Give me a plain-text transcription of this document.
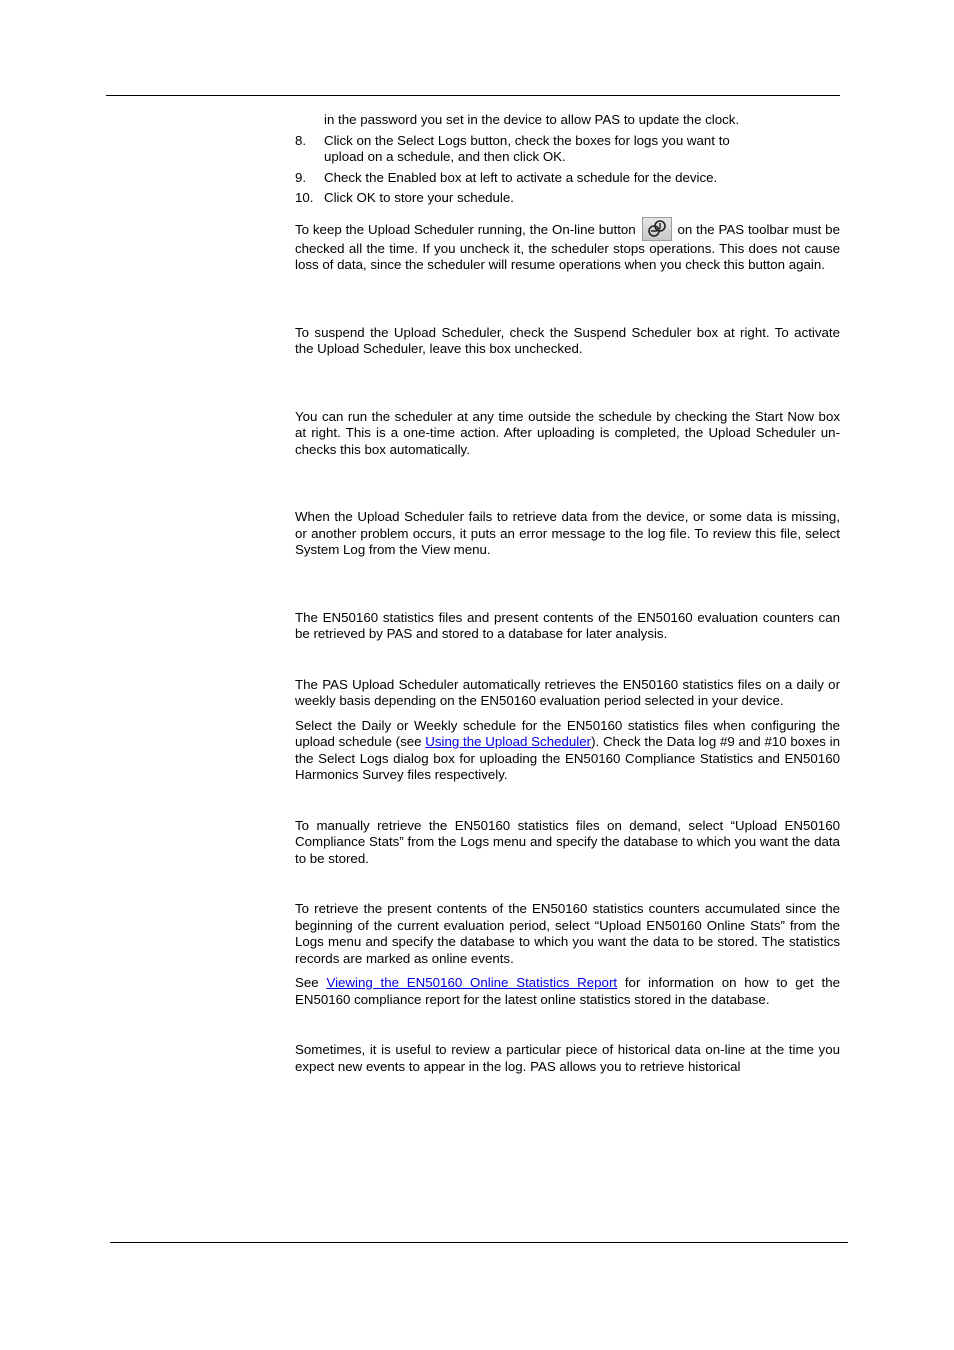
in the password you set in the device to allow PAS to update the clock.

8. Click on the Select Logs button, check the boxes for logs you want to upload on a schedule, and then click OK.
9. Check the Enabled box at left to activate a schedule for the device.
10. Click OK to store your schedule.

To keep the Upload Scheduler running, the On-line button	on the PAS toolbar must be checked all the time. If you uncheck it, the scheduler stops operations. This does not cause loss of data, since the scheduler will resume operations when you check this button again.

To suspend the Upload Scheduler, check the Suspend Scheduler box at right. To activate the Upload Scheduler, leave this box unchecked.

You can run the scheduler at any time outside the schedule by checking the Start Now box at right. This is a one-time action. After uploading is completed, the Upload Scheduler un-checks this box automatically.

When the Upload Scheduler fails to retrieve data from the device, or some data is missing, or another problem occurs, it puts an error message to the log file. To review this file, select System Log from the View menu.

The EN50160 statistics files and present contents of the EN50160 evaluation counters can be retrieved by PAS and stored to a database for later analysis.

The PAS Upload Scheduler automatically retrieves the EN50160 statistics files on a daily or weekly basis depending on the EN50160 evaluation period selected in your device.

Select the Daily or Weekly schedule for the EN50160 statistics files when configuring the upload schedule (see Using the Upload Scheduler). Check the Data log #9 and #10 boxes in the Select Logs dialog box for uploading the EN50160 Compliance Statistics and EN50160 Harmonics Survey files respectively.

To manually retrieve the EN50160 statistics files on demand, select “Upload EN50160 Compliance Stats” from the Logs menu and specify the database to which you want the data to be stored.

To retrieve the present contents of the EN50160 statistics counters accumulated since the beginning of the current evaluation period, select “Upload EN50160 Online Stats” from the Logs menu and specify the database to which you want the data to be stored. The statistics records are marked as online events.

See Viewing the EN50160 Online Statistics Report for information on how to get the EN50160 compliance report for the latest online statistics stored in the database.

Sometimes, it is useful to review a particular piece of historical data on-line at the time you expect new events to appear in the log. PAS allows you to retrieve historical
